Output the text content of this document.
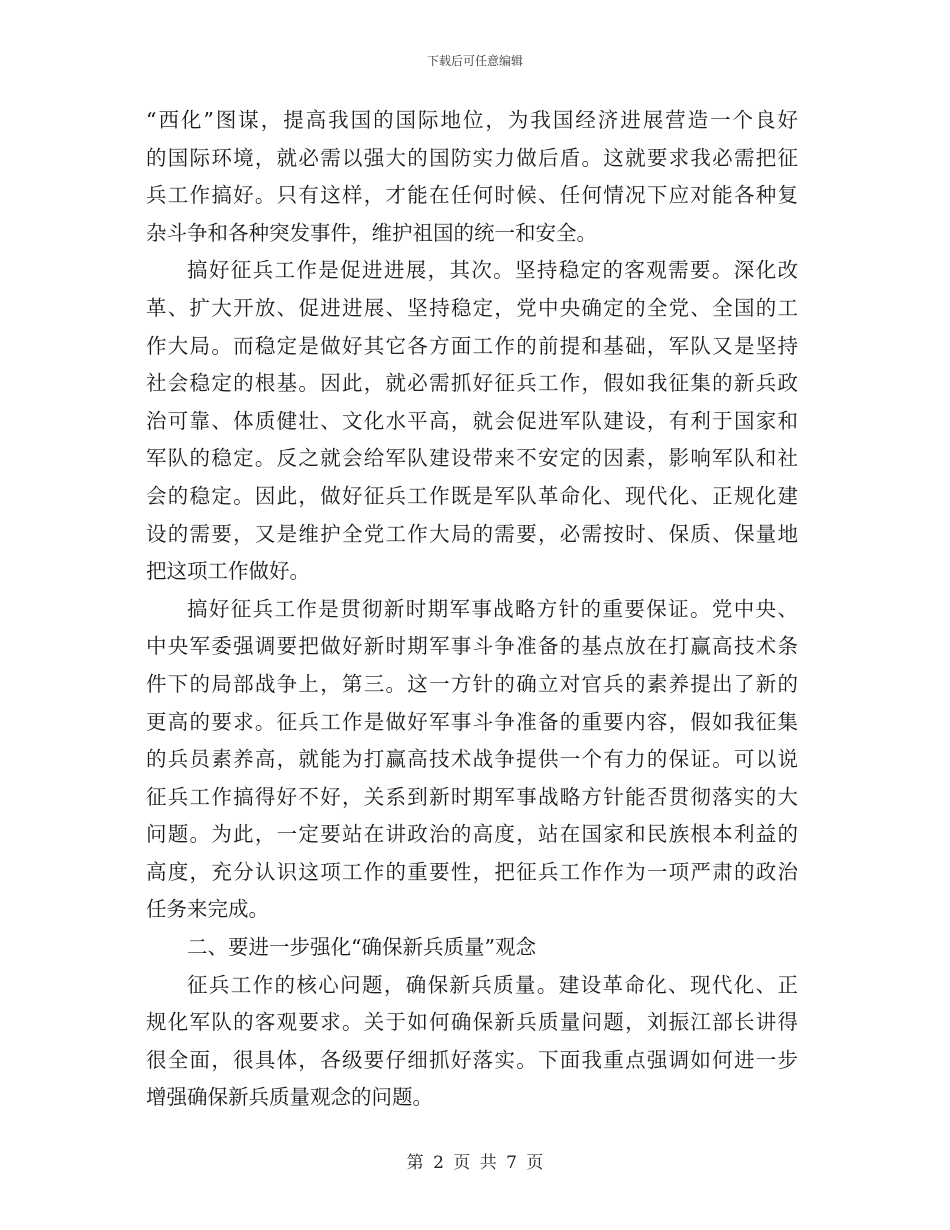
下载后可任意编辑
“西化”图谋，提高我国的国际地位，为我国经济进展营造一个良好
的国际环境，就必需以强大的国防实力做后盾。这就要求我必需把征
兵工作搞好。只有这样，才能在任何时候、任何情况下应对能各种复
杂斗争和各种突发事件，维护祖国的统一和安全。
搞好征兵工作是促进进展，其次。坚持稳定的客观需要。深化改
革、扩大开放、促进进展、坚持稳定，党中央确定的全党、全国的工
作大局。而稳定是做好其它各方面工作的前提和基础，军队又是坚持
社会稳定的根基。因此，就必需抓好征兵工作，假如我征集的新兵政
治可靠、体质健壮、文化水平高，就会促进军队建设，有利于国家和
军队的稳定。反之就会给军队建设带来不安定的因素，影响军队和社
会的稳定。因此，做好征兵工作既是军队革命化、现代化、正规化建
设的需要，又是维护全党工作大局的需要，必需按时、保质、保量地
把这项工作做好。
搞好征兵工作是贯彻新时期军事战略方针的重要保证。党中央、
中央军委强调要把做好新时期军事斗争准备的基点放在打赢高技术条
件下的局部战争上，第三。这一方针的确立对官兵的素养提出了新的
更高的要求。征兵工作是做好军事斗争准备的重要内容，假如我征集
的兵员素养高，就能为打赢高技术战争提供一个有力的保证。可以说
征兵工作搞得好不好，关系到新时期军事战略方针能否贯彻落实的大
问题。为此，一定要站在讲政治的高度，站在国家和民族根本利益的
高度，充分认识这项工作的重要性，把征兵工作作为一项严肃的政治
任务来完成。
二、要进一步强化“确保新兵质量”观念
征兵工作的核心问题，确保新兵质量。建设革命化、现代化、正
规化军队的客观要求。关于如何确保新兵质量问题，刘振江部长讲得
很全面，很具体，各级要仔细抓好落实。下面我重点强调如何进一步
增强确保新兵质量观念的问题。
第 2 页 共 7 页
